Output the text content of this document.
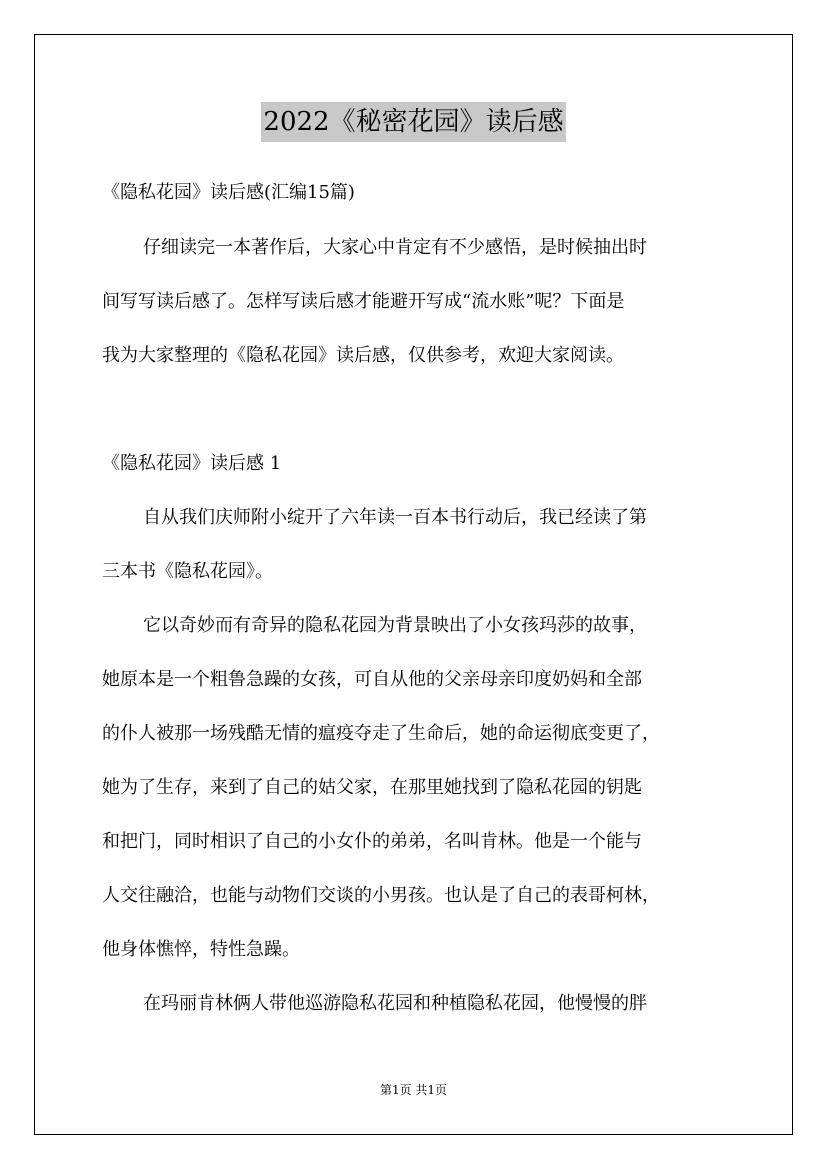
2022《秘密花园》读后感
《隐私花园》读后感(汇编15篇)
仔细读完一本著作后，大家心中肯定有不少感悟，是时候抽出时
间写写读后感了。怎样写读后感才能避开写成“流水账”呢？下面是
我为大家整理的《隐私花园》读后感，仅供参考，欢迎大家阅读。
《隐私花园》读后感 1
自从我们庆师附小绽开了六年读一百本书行动后，我已经读了第
三本书《隐私花园》。
它以奇妙而有奇异的隐私花园为背景映出了小女孩玛莎的故事，
她原本是一个粗鲁急躁的女孩，可自从他的父亲母亲印度奶妈和全部
的仆人被那一场残酷无情的瘟疫夺走了生命后，她的命运彻底变更了，
她为了生存，来到了自己的姑父家，在那里她找到了隐私花园的钥匙
和把门，同时相识了自己的小女仆的弟弟，名叫肯林。他是一个能与
人交往融洽，也能与动物们交谈的小男孩。也认是了自己的表哥柯林，
他身体憔悴，特性急躁。
在玛丽肯林俩人带他巡游隐私花园和种植隐私花园，他慢慢的胖
第1页 共1页
